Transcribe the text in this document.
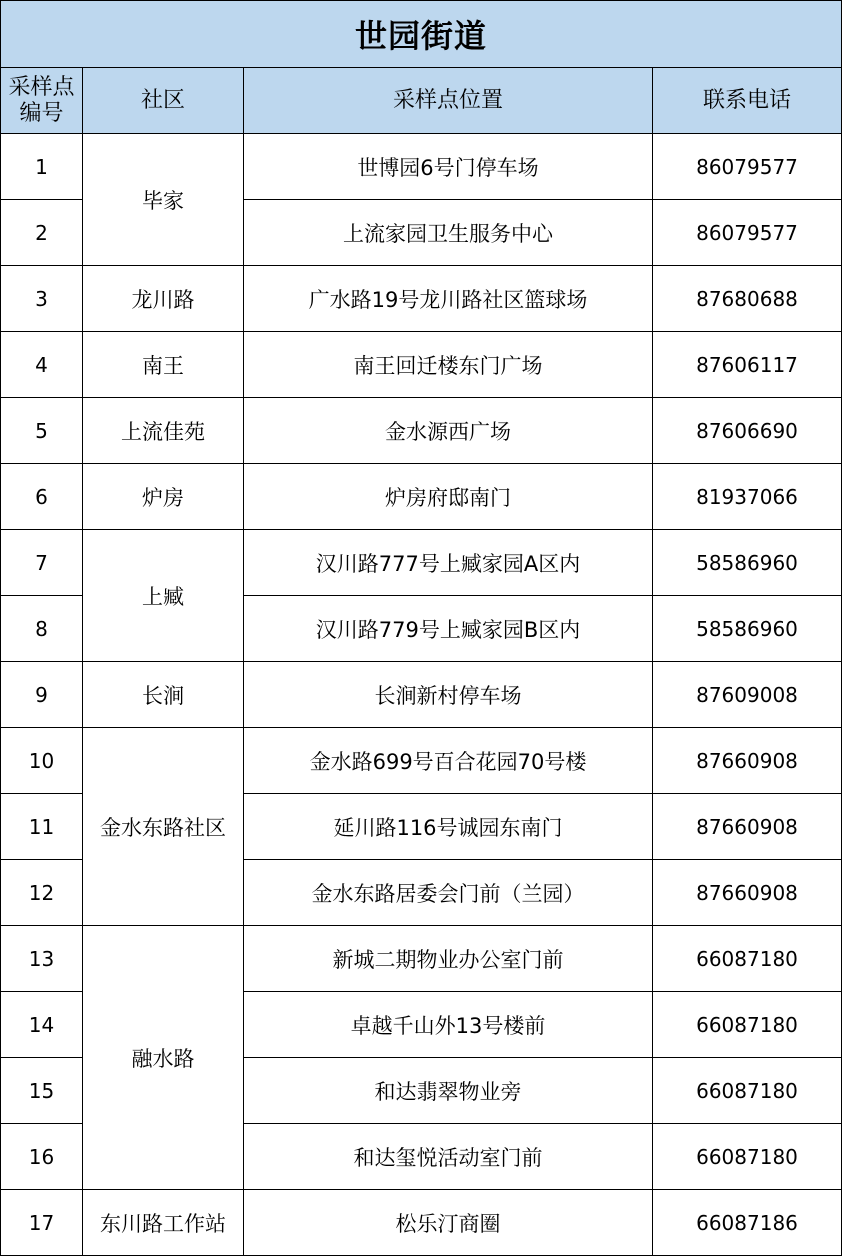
世园街道			

采样点
编号	社区	采样点位置	联系电话
1	毕家	世博园6号门停车场	86079577
2		上流家园卫生服务中心	86079577
3	龙川路	广水路19号龙川路社区篮球场	87680688
4	南王	南王回迁楼东门广场	87606117
5	上流佳苑	金水源西广场	87606690
6	炉房	炉房府邸南门	81937066
7	上臧	汉川路777号上臧家园A区内	58586960
8		汉川路779号上臧家园B区内	58586960
9	长涧	长涧新村停车场	87609008
10	金水东路社区	金水路699号百合花园70号楼	87660908
11		延川路116号诚园东南门	87660908
12		金水东路居委会门前（兰园）	87660908
13	融水路	新城二期物业办公室门前	66087180
14		卓越千山外13号楼前	66087180
15		和达翡翠物业旁	66087180
16		和达玺悦活动室门前	66087180
17	东川路工作站	松乐汀商圈	66087186
